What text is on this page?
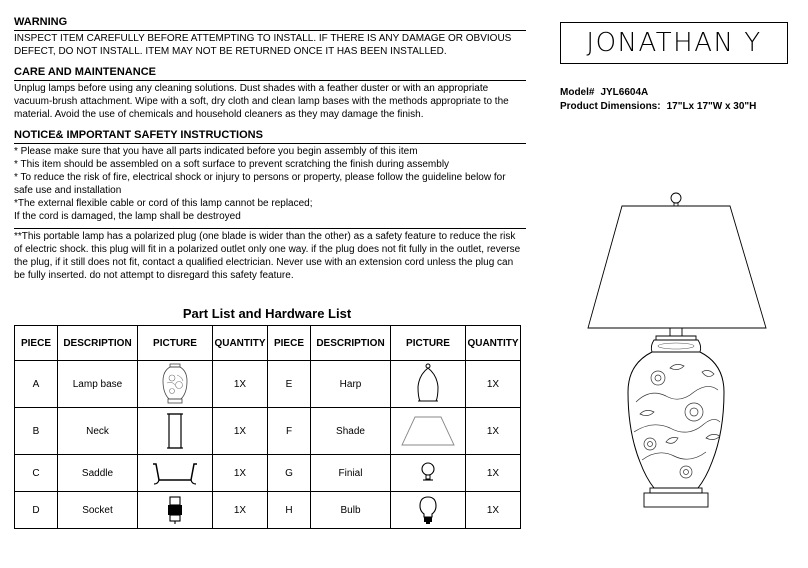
WARNING
INSPECT ITEM CAREFULLY BEFORE ATTEMPTING TO INSTALL. IF THERE IS ANY DAMAGE OR OBVIOUS DEFECT, DO NOT INSTALL. ITEM MAY NOT BE RETURNED ONCE IT HAS BEEN INSTALLED.
CARE AND MAINTENANCE
Unplug lamps before using any cleaning solutions. Dust shades with a feather duster or with an appropriate vacuum-brush attachment. Wipe with a soft, dry cloth and clean lamp bases with the methods appropriate to the material. Avoid the use of chemicals and household cleaners as they may damage the finish.
NOTICE& IMPORTANT SAFETY INSTRUCTIONS
* Please make sure that you have all parts indicated before you begin assembly of this item
* This item should be assembled on a soft surface to prevent scratching the finish during assembly
* To reduce the risk of fire, electrical shock or injury to persons or property, please follow the guideline below for safe use and installation
*The external flexible cable or cord of this lamp cannot be replaced;
If the cord is damaged, the lamp shall be destroyed
**This portable lamp has a polarized plug (one blade is wider than the other) as a safety feature to reduce the risk of electric shock. this plug will fit in a polarized outlet only one way. if the plug does not fit fully in the outlet, reverse the plug, if it still does not fit, contact a qualified electrician. Never use with an extension cord unless the plug can be fully inserted. do not attempt to disregard this safety feature.
Part List and Hardware List
PIECE	DESCRIPTION	PICTURE	QUANTITY	PIECE	DESCRIPTION	PICTURE	QUANTITY
A	Lamp base		1X	E	Harp		1X
B	Neck		1X	F	Shade		1X
C	Saddle		1X	G	Finial		1X
D	Socket		1X	H	Bulb		1X
JONATHAN Y
Model# JYL6604A
Product Dimensions: 17"Lx 17"W x 30"H
